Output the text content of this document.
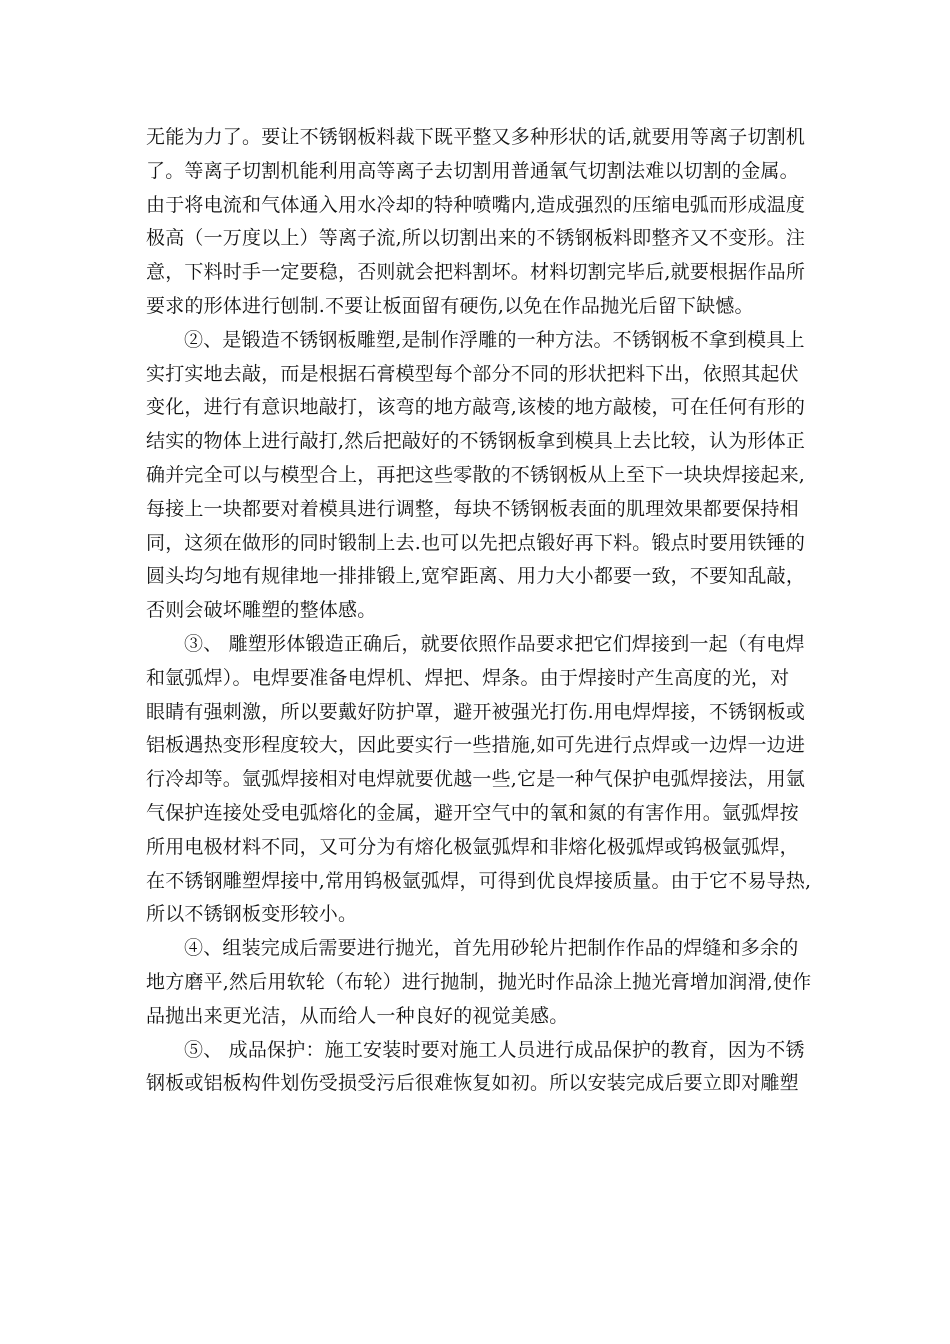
无能为力了。要让不锈钢板料裁下既平整又多种形状的话,就要用等离子切割机
了。等离子切割机能利用高等离子去切割用普通氧气切割法难以切割的金属。
由于将电流和气体通入用水冷却的特种喷嘴内,造成强烈的压缩电弧而形成温度
极高（一万度以上）等离子流,所以切割出来的不锈钢板料即整齐又不变形。注
意，下料时手一定要稳，否则就会把料割坏。材料切割完毕后,就要根据作品所
要求的形体进行刨制.不要让板面留有硬伤,以免在作品抛光后留下缺憾。
②、是锻造不锈钢板雕塑,是制作浮雕的一种方法。不锈钢板不拿到模具上
实打实地去敲，而是根据石膏模型每个部分不同的形状把料下出，依照其起伏
变化，进行有意识地敲打，该弯的地方敲弯,该棱的地方敲棱，可在任何有形的
结实的物体上进行敲打,然后把敲好的不锈钢板拿到模具上去比较，认为形体正
确并完全可以与模型合上，再把这些零散的不锈钢板从上至下一块块焊接起来,
每接上一块都要对着模具进行调整，每块不锈钢板表面的肌理效果都要保持相
同，这须在做形的同时锻制上去.也可以先把点锻好再下料。锻点时要用铁锤的
圆头均匀地有规律地一排排锻上,宽窄距离、用力大小都要一致，不要知乱敲，
否则会破坏雕塑的整体感。
③、 雕塑形体锻造正确后，就要依照作品要求把它们焊接到一起（有电焊
和氩弧焊）。电焊要准备电焊机、焊把、焊条。由于焊接时产生高度的光，对
眼睛有强刺激，所以要戴好防护罩，避开被强光打伤.用电焊焊接，不锈钢板或
铝板遇热变形程度较大，因此要实行一些措施,如可先进行点焊或一边焊一边进
行冷却等。氩弧焊接相对电焊就要优越一些,它是一种气保护电弧焊接法，用氩
气保护连接处受电弧熔化的金属，避开空气中的氧和氮的有害作用。氩弧焊按
所用电极材料不同，又可分为有熔化极氩弧焊和非熔化极弧焊或钨极氩弧焊，
在不锈钢雕塑焊接中,常用钨极氩弧焊，可得到优良焊接质量。由于它不易导热,
所以不锈钢板变形较小。
④、组装完成后需要进行抛光，首先用砂轮片把制作作品的焊缝和多余的
地方磨平,然后用软轮（布轮）进行抛制，抛光时作品涂上抛光膏增加润滑,使作
品抛出来更光洁，从而给人一种良好的视觉美感。
⑤、 成品保护：施工安装时要对施工人员进行成品保护的教育，因为不锈
钢板或铝板构件划伤受损受污后很难恢复如初。所以安装完成后要立即对雕塑
